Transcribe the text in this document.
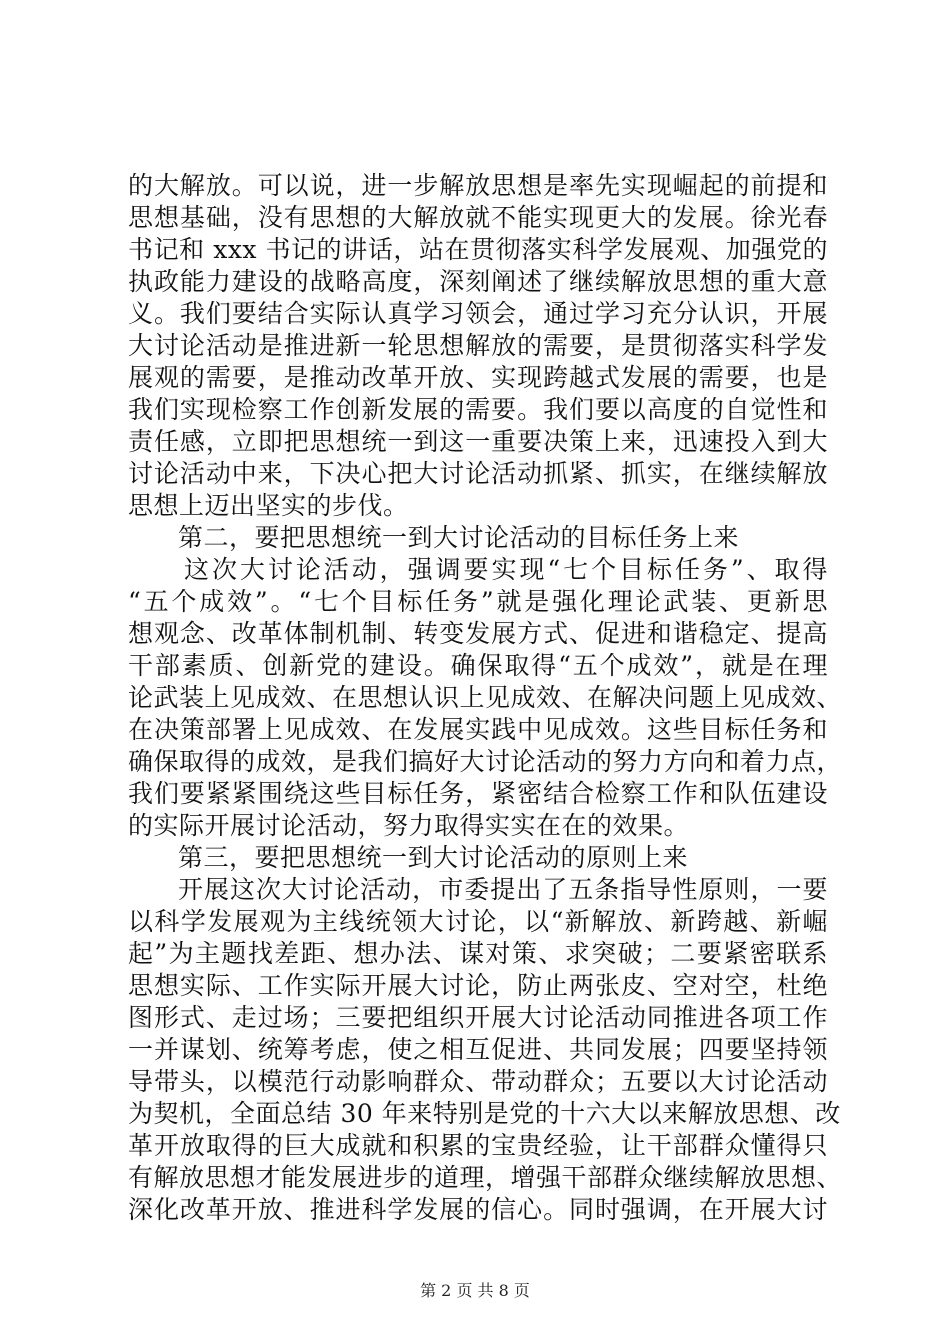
的大解放。可以说，进一步解放思想是率先实现崛起的前提和
思想基础，没有思想的大解放就不能实现更大的发展。徐光春
书记和 xxx 书记的讲话，站在贯彻落实科学发展观、加强党的
执政能力建设的战略高度，深刻阐述了继续解放思想的重大意
义。我们要结合实际认真学习领会，通过学习充分认识，开展
大讨论活动是推进新一轮思想解放的需要，是贯彻落实科学发
展观的需要，是推动改革开放、实现跨越式发展的需要，也是
我们实现检察工作创新发展的需要。我们要以高度的自觉性和
责任感，立即把思想统一到这一重要决策上来，迅速投入到大
讨论活动中来，下决心把大讨论活动抓紧、抓实，在继续解放
思想上迈出坚实的步伐。
第二，要把思想统一到大讨论活动的目标任务上来
这次大讨论活动，强调要实现“七个目标任务”、取得
“五个成效”。“七个目标任务”就是强化理论武装、更新思
想观念、改革体制机制、转变发展方式、促进和谐稳定、提高
干部素质、创新党的建设。确保取得“五个成效”，就是在理
论武装上见成效、在思想认识上见成效、在解决问题上见成效、
在决策部署上见成效、在发展实践中见成效。这些目标任务和
确保取得的成效，是我们搞好大讨论活动的努力方向和着力点，
我们要紧紧围绕这些目标任务，紧密结合检察工作和队伍建设
的实际开展讨论活动，努力取得实实在在的效果。
第三，要把思想统一到大讨论活动的原则上来
开展这次大讨论活动，市委提出了五条指导性原则，一要
以科学发展观为主线统领大讨论，以“新解放、新跨越、新崛
起”为主题找差距、想办法、谋对策、求突破；二要紧密联系
思想实际、工作实际开展大讨论，防止两张皮、空对空，杜绝
图形式、走过场；三要把组织开展大讨论活动同推进各项工作
一并谋划、统筹考虑，使之相互促进、共同发展；四要坚持领
导带头，以模范行动影响群众、带动群众；五要以大讨论活动
为契机，全面总结 30 年来特别是党的十六大以来解放思想、改
革开放取得的巨大成就和积累的宝贵经验，让干部群众懂得只
有解放思想才能发展进步的道理，增强干部群众继续解放思想、
深化改革开放、推进科学发展的信心。同时强调，在开展大讨
第 2 页 共 8 页
